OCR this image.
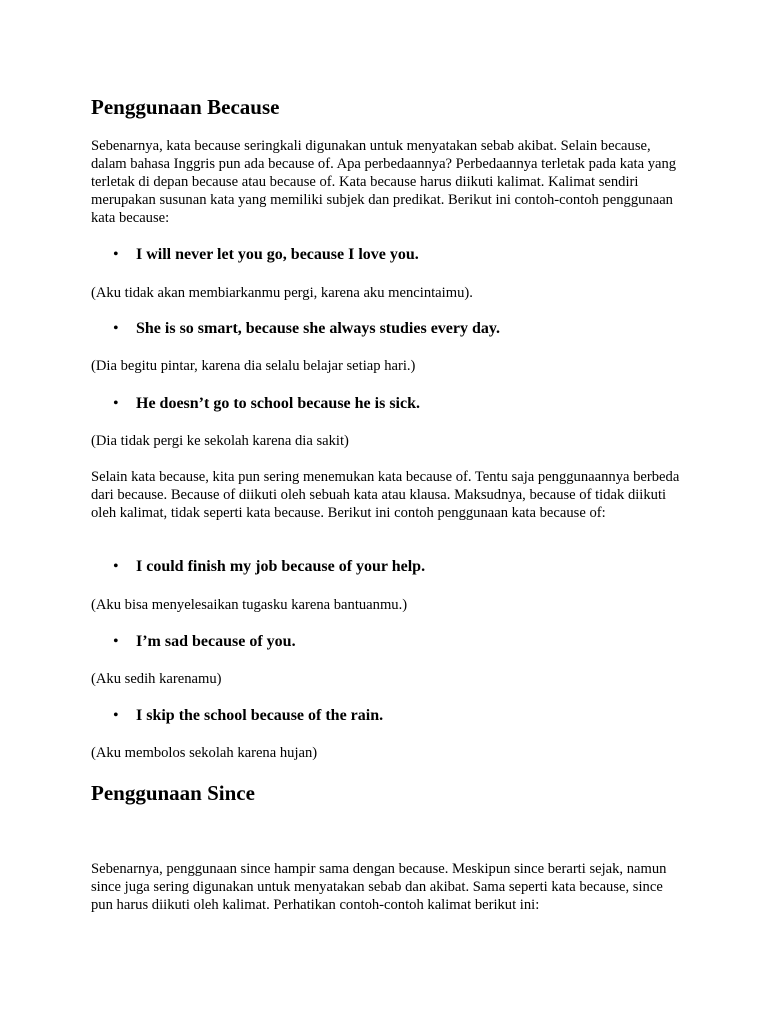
Penggunaan Because

Sebenarnya, kata because seringkali digunakan untuk menyatakan sebab akibat. Selain because, dalam bahasa Inggris pun ada because of. Apa perbedaannya? Perbedaannya terletak pada kata yang terletak di depan because atau because of. Kata because harus diikuti kalimat. Kalimat sendiri merupakan susunan kata yang memiliki subjek dan predikat. Berikut ini contoh-contoh penggunaan kata because:

• I will never let you go, because I love you.

(Aku tidak akan membiarkanmu pergi, karena aku mencintaimu).

• She is so smart, because she always studies every day.

(Dia begitu pintar, karena dia selalu belajar setiap hari.)

• He doesn’t go to school because he is sick.

(Dia tidak pergi ke sekolah karena dia sakit)

Selain kata because, kita pun sering menemukan kata because of. Tentu saja penggunaannya berbeda dari because. Because of diikuti oleh sebuah kata atau klausa. Maksudnya, because of tidak diikuti oleh kalimat, tidak seperti kata because. Berikut ini contoh penggunaan kata because of:

• I could finish my job because of your help.

(Aku bisa menyelesaikan tugasku karena bantuanmu.)

• I’m sad because of you.

(Aku sedih karenamu)

• I skip the school because of the rain.

(Aku membolos sekolah karena hujan)

Penggunaan Since

Sebenarnya, penggunaan since hampir sama dengan because. Meskipun since berarti sejak, namun since juga sering digunakan untuk menyatakan sebab dan akibat. Sama seperti kata because, since pun harus diikuti oleh kalimat. Perhatikan contoh-contoh kalimat berikut ini:
